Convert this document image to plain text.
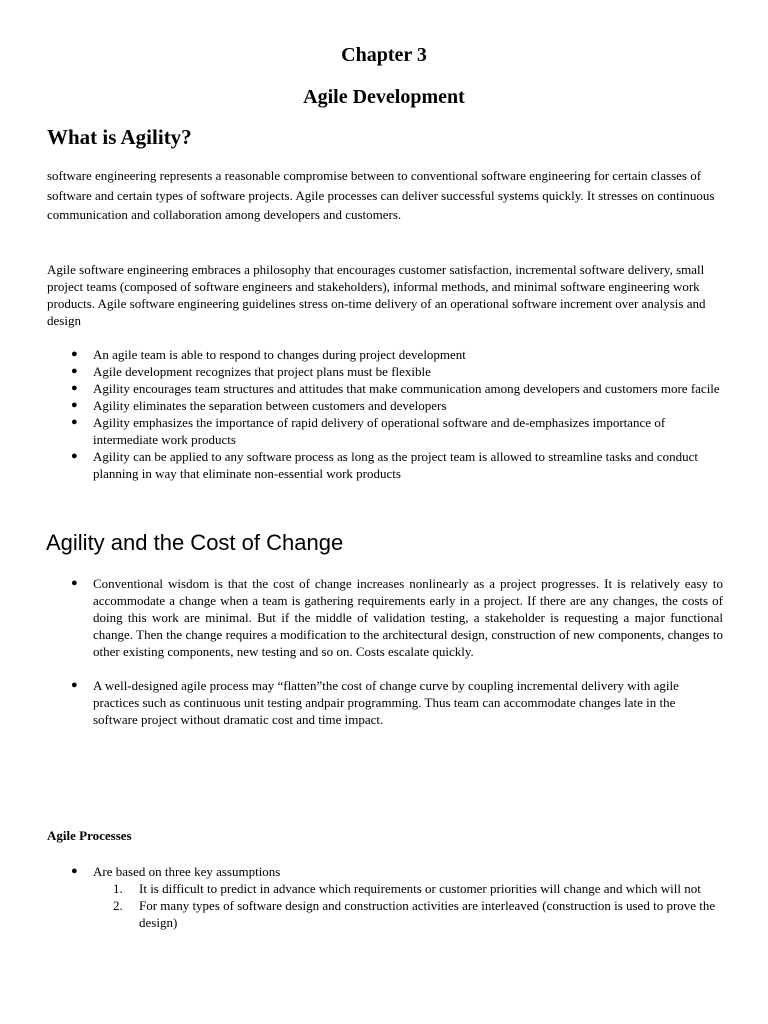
Chapter 3
Agile Development
What is Agility?

software engineering represents a reasonable compromise between to conventional software engineering for certain classes of software and certain types of software projects. Agile processes can deliver successful systems quickly. It stresses on continuous communication and collaboration among developers and customers.

Agile software engineering embraces a philosophy that encourages customer satisfaction, incremental software delivery, small project teams (composed of software engineers and stakeholders), informal methods, and minimal software engineering work products. Agile software engineering guidelines stress on-time delivery of an operational software increment over analysis and design

● An agile team is able to respond to changes during project development
● Agile development recognizes that project plans must be flexible
● Agility encourages team structures and attitudes that make communication among developers and customers more facile
● Agility eliminates the separation between customers and developers
● Agility emphasizes the importance of rapid delivery of operational software and de-emphasizes importance of intermediate work products
● Agility can be applied to any software process as long as the project team is allowed to streamline tasks and conduct planning in way that eliminate non-essential work products
Agility and the Cost of Change
● Conventional wisdom is that the cost of change increases nonlinearly as a project progresses. It is relatively easy to accommodate a change when a team is gathering requirements early in a project. If there are any changes, the costs of doing this work are minimal. But if the middle of validation testing, a stakeholder is requesting a major functional change. Then the change requires a modification to the architectural design, construction of new components, changes to other existing components, new testing and so on. Costs escalate quickly.
● A well-designed agile process may “flatten”the cost of change curve by coupling incremental delivery with agile practices such as continuous unit testing andpair programming. Thus team can accommodate changes late in the software project without dramatic cost and time impact.
Agile Processes
● Are based on three key assumptions
1. It is difficult to predict in advance which requirements or customer priorities will change and which will not
2. For many types of software design and construction activities are interleaved (construction is used to prove the design)
